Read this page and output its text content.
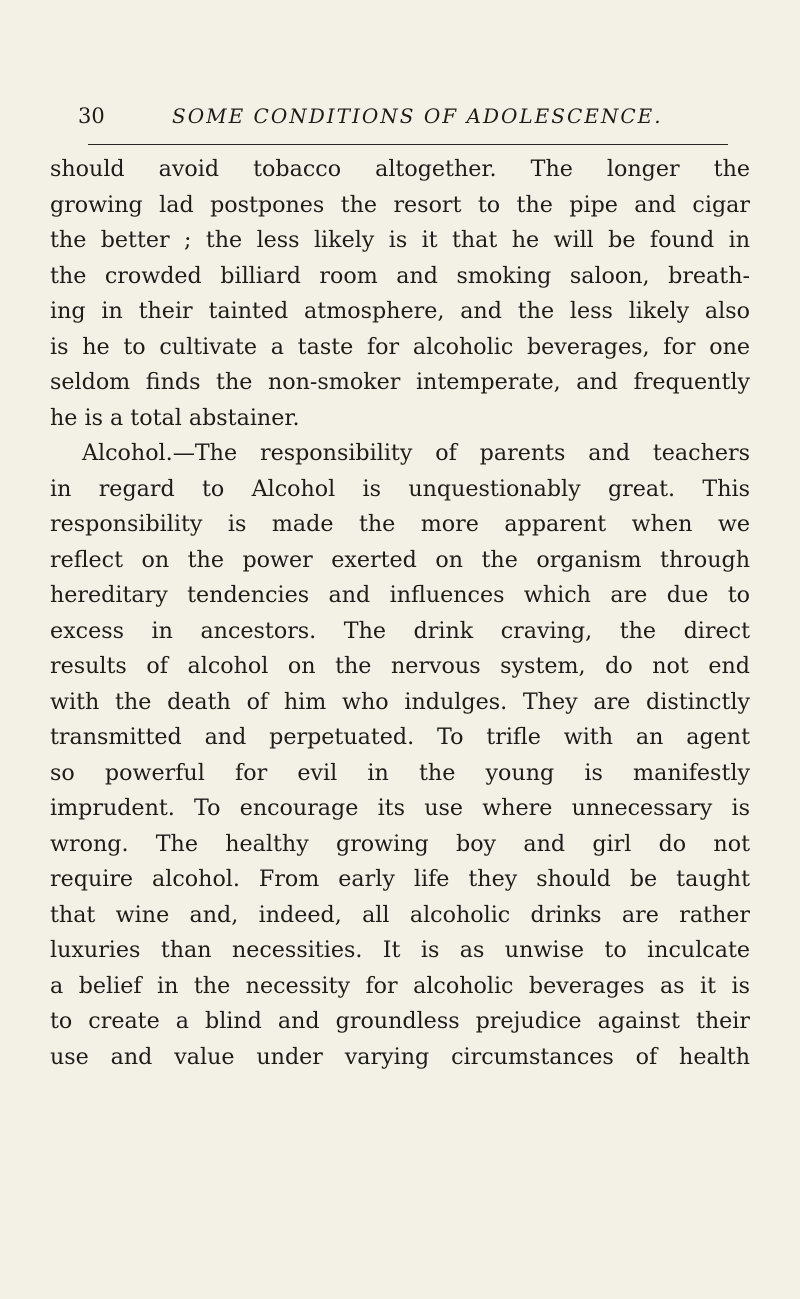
30	SOME CONDITIONS OF ADOLESCENCE.
should avoid tobacco altogether. The longer the
growing lad postpones the resort to the pipe and cigar
the better ; the less likely is it that he will be found in
the crowded billiard room and smoking saloon, breath-
ing in their tainted atmosphere, and the less likely also
is he to cultivate a taste for alcoholic beverages, for one
seldom finds the non-smoker intemperate, and frequently
he is a total abstainer.
Alcohol.—The responsibility of parents and teachers
in regard to Alcohol is unquestionably great. This
responsibility is made the more apparent when we
reflect on the power exerted on the organism through
hereditary tendencies and influences which are due to
excess in ancestors. The drink craving, the direct
results of alcohol on the nervous system, do not end
with the death of him who indulges. They are distinctly
transmitted and perpetuated. To trifle with an agent
so powerful for evil in the young is manifestly
imprudent. To encourage its use where unnecessary is
wrong. The healthy growing boy and girl do not
require alcohol. From early life they should be taught
that wine and, indeed, all alcoholic drinks are rather
luxuries than necessities. It is as unwise to inculcate
a belief in the necessity for alcoholic beverages as it is
to create a blind and groundless prejudice against their
use and value under varying circumstances of health
